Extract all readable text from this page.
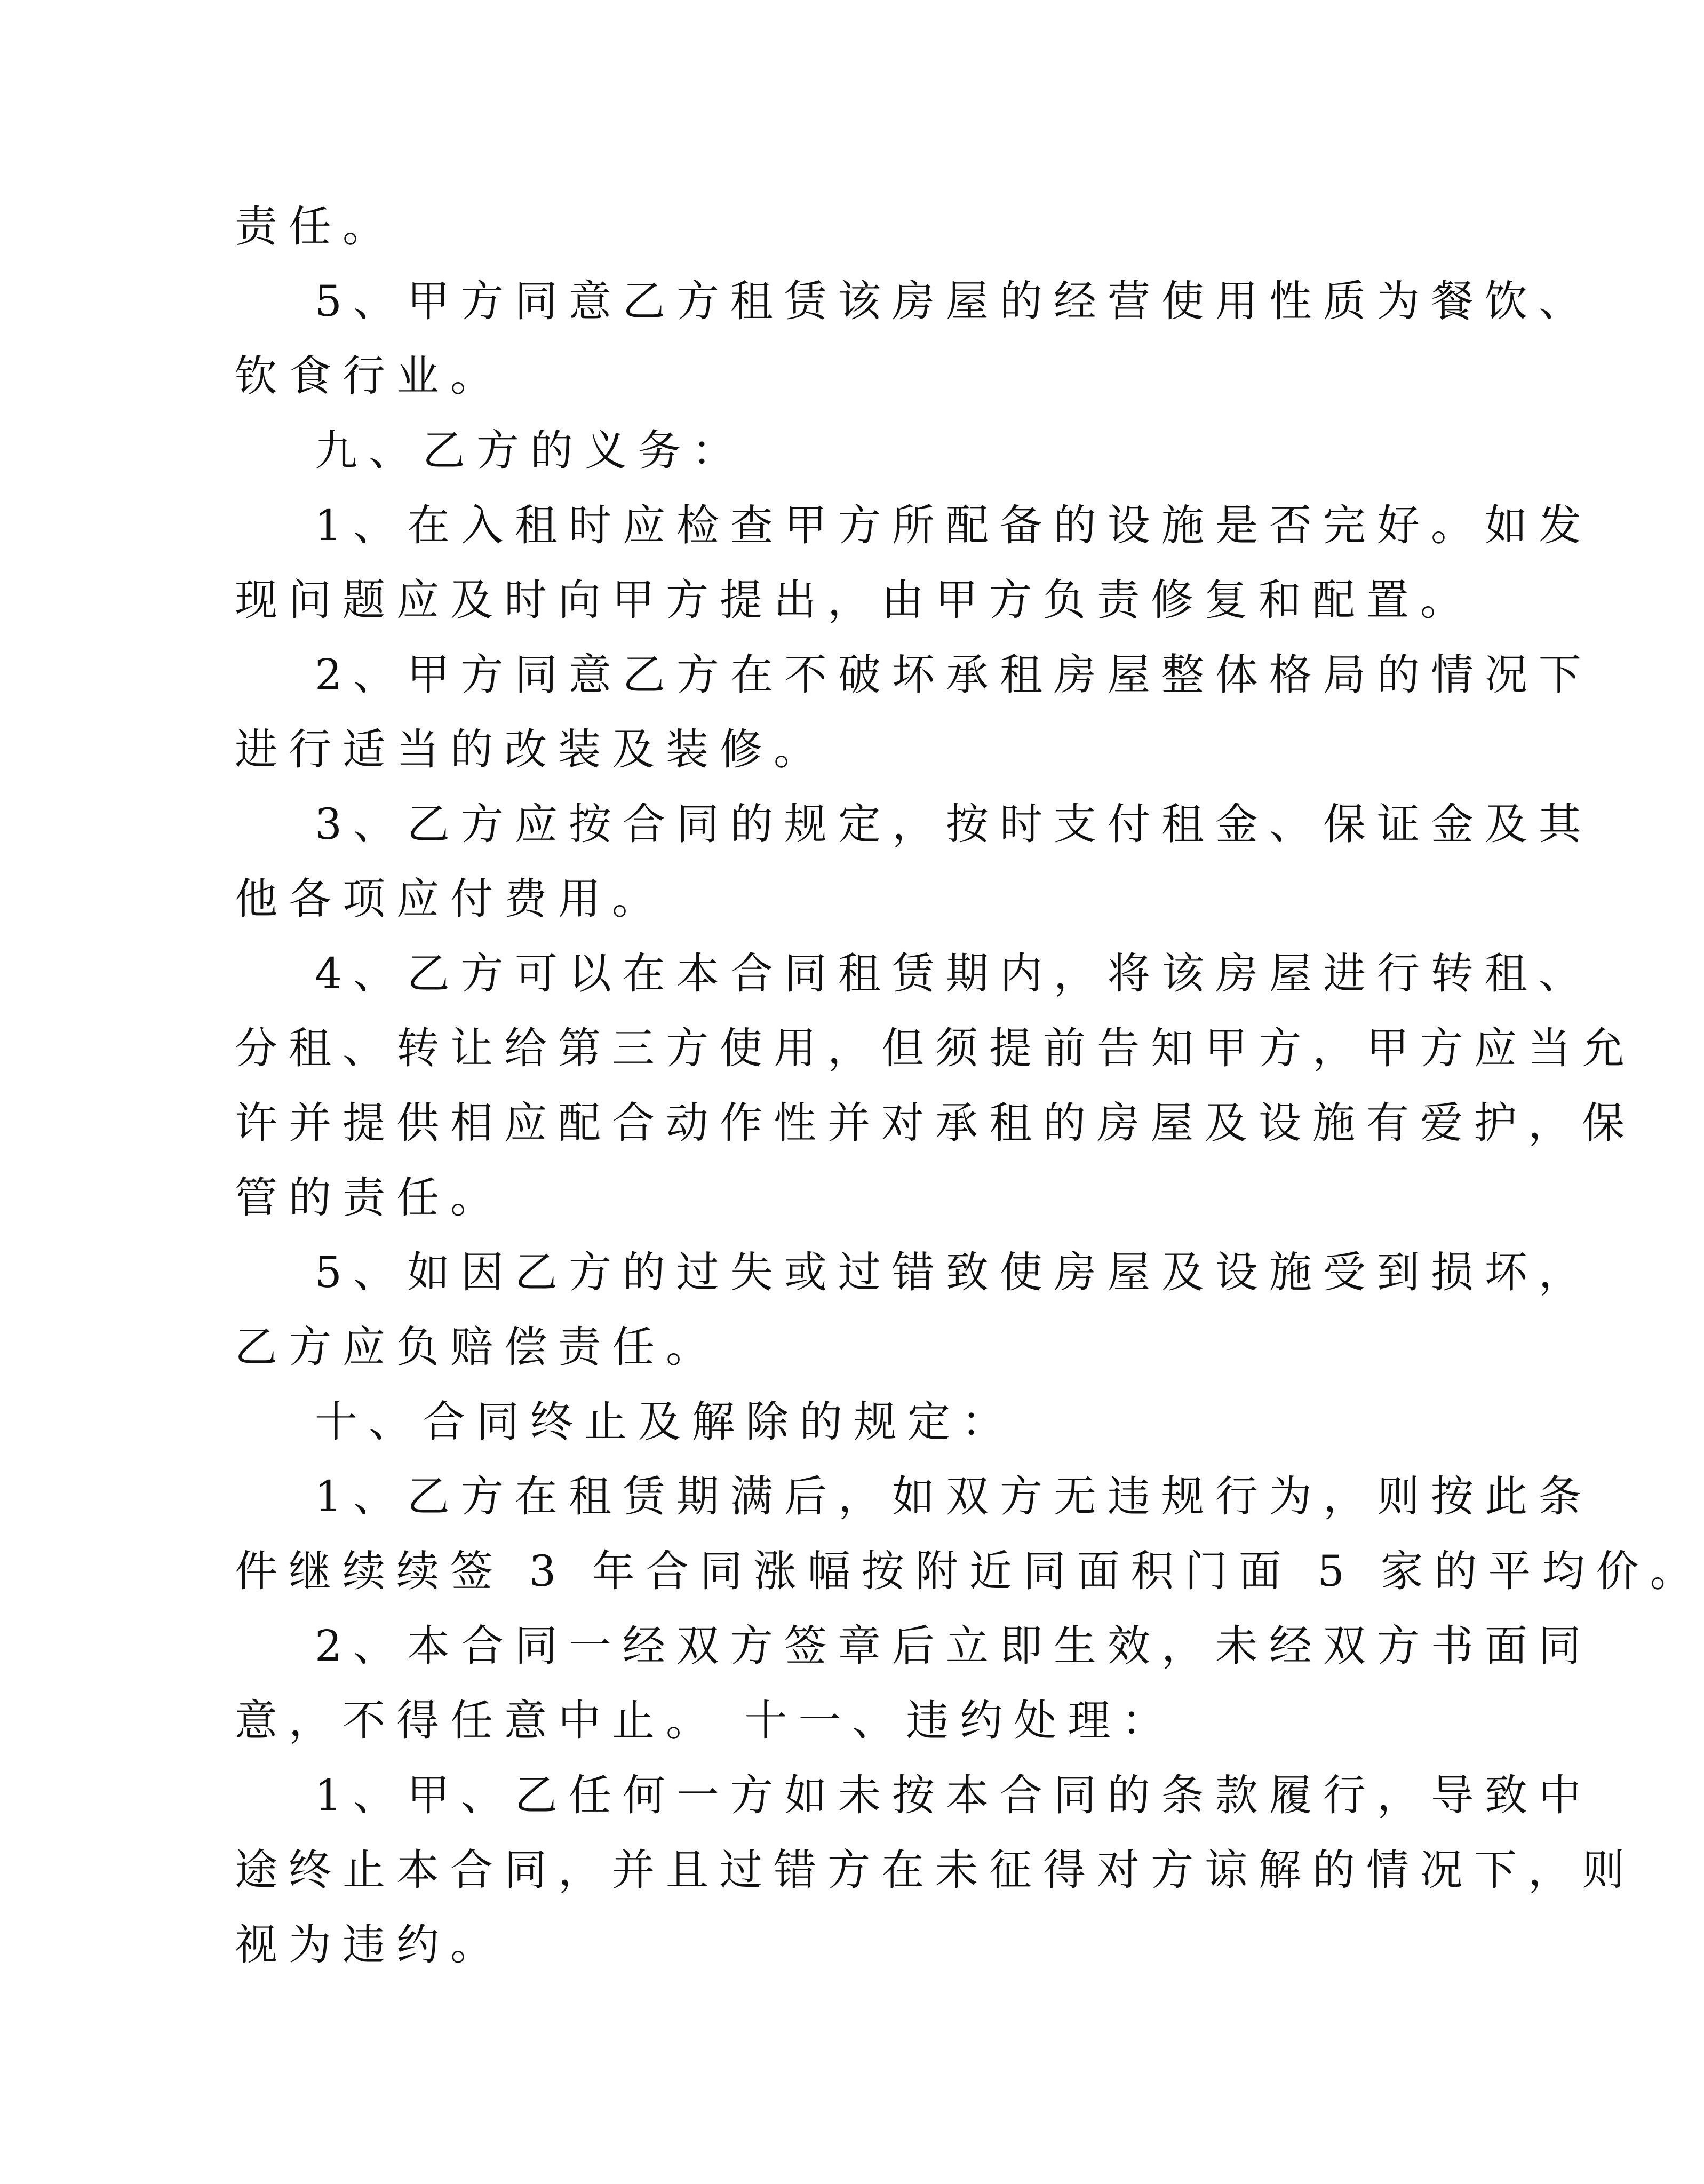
责任。

5、甲方同意乙方租赁该房屋的经营使用性质为餐饮、

钦食行业。

九、乙方的义务：

1、在入租时应检查甲方所配备的设施是否完好。如发

现问题应及时向甲方提出，由甲方负责修复和配置。

2、甲方同意乙方在不破坏承租房屋整体格局的情况下

进行适当的改装及装修。

3、乙方应按合同的规定，按时支付租金、保证金及其

他各项应付费用。

4、乙方可以在本合同租赁期内，将该房屋进行转租、

分租、转让给第三方使用，但须提前告知甲方，甲方应当允

许并提供相应配合动作性并对承租的房屋及设施有爱护，保

管的责任。

5、如因乙方的过失或过错致使房屋及设施受到损坏，

乙方应负赔偿责任。

十、合同终止及解除的规定：

1、乙方在租赁期满后，如双方无违规行为，则按此条

件继续续签 3 年合同涨幅按附近同面积门面 5 家的平均价。

2、本合同一经双方签章后立即生效，未经双方书面同

意，不得任意中止。 十一、违约处理：

1、甲、乙任何一方如未按本合同的条款履行，导致中

途终止本合同，并且过错方在未征得对方谅解的情况下，则

视为违约。
